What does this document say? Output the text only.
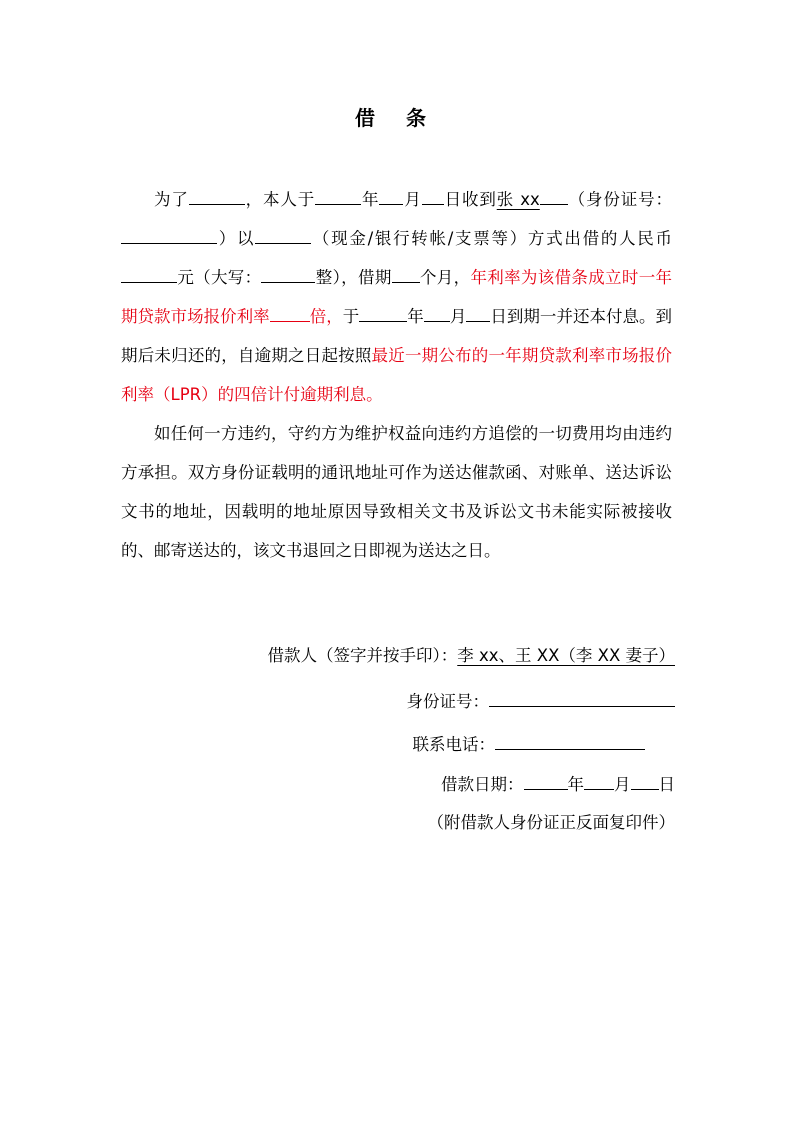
借 条

为了	，本人于	年 月 日收到张 xx （身份证号：）以	（现金/银行转帐/支票等）方式出借的人民币元（大写：	整），借期 个月，年利率为该借条成立时一年期贷款市场报价利率 倍，于	年 月 日到期一并还本付息。到期后未归还的，自逾期之日起按照最近一期公布的一年期贷款利率市场报价利率（LPR）的四倍计付逾期利息。

如任何一方违约，守约方为维护权益向违约方追偿的一切费用均由违约方承担。双方身份证载明的通讯地址可作为送达催款函、对账单、送达诉讼文书的地址，因载明的地址原因导致相关文书及诉讼文书未能实际被接收的、邮寄送达的，该文书退回之日即视为送达之日。

借款人（签字并按手印）：李 xx、王 XX（李 XX 妻子）
身份证号：
联系电话：
借款日期：	年 月 日
（附借款人身份证正反面复印件）
